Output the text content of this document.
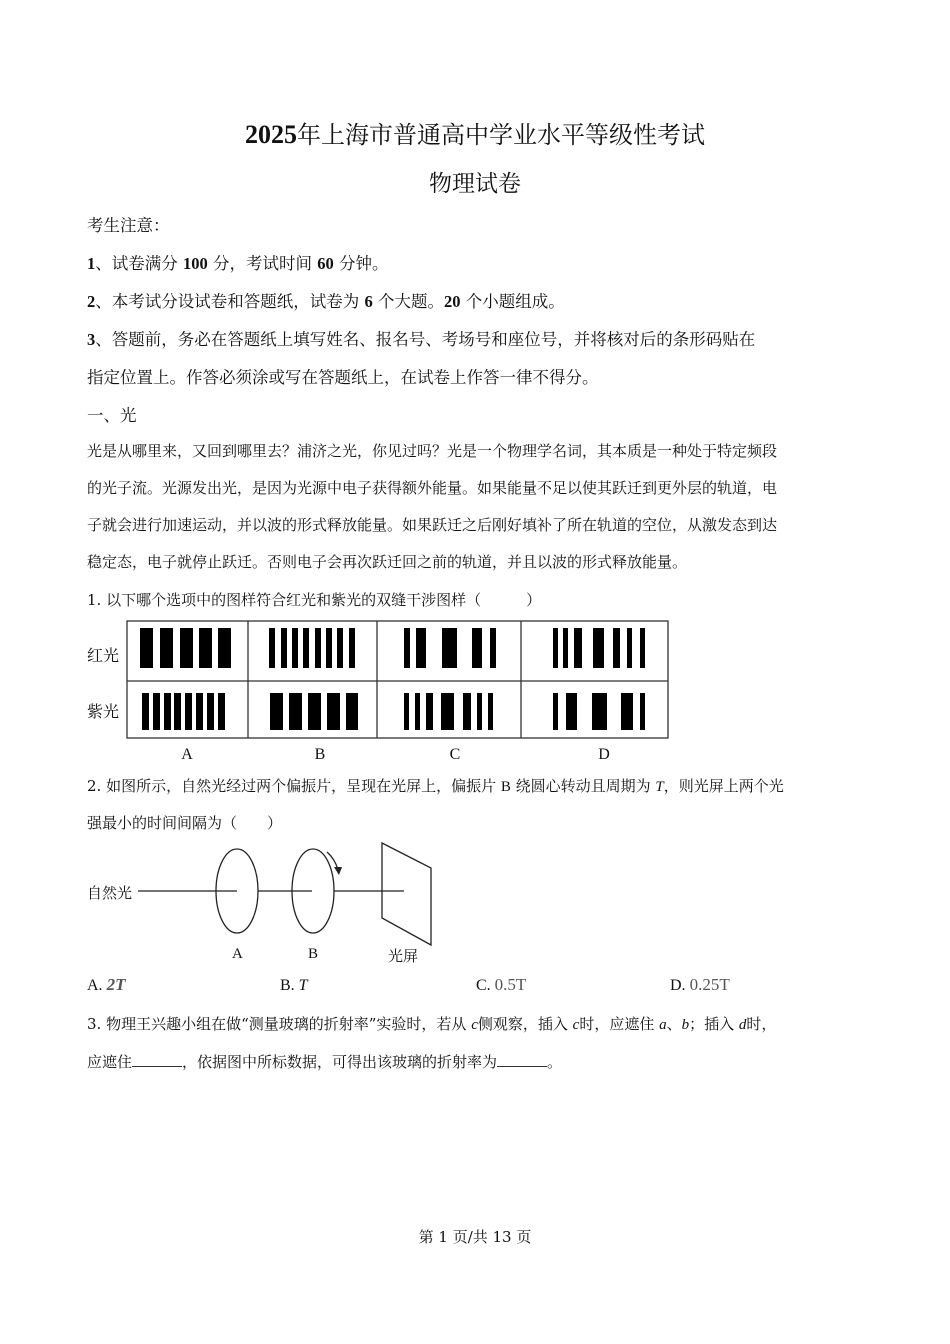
2025年上海市普通高中学业水平等级性考试
物理试卷
考生注意：
1、试卷满分 100 分，考试时间 60 分钟。
2、本考试分设试卷和答题纸，试卷为 6 个大题。20 个小题组成。
3、答题前，务必在答题纸上填写姓名、报名号、考场号和座位号，并将核对后的条形码贴在
指定位置上。作答必须涂或写在答题纸上，在试卷上作答一律不得分。
一、光
光是从哪里来，又回到哪里去？浦济之光，你见过吗？光是一个物理学名词，其本质是一种处于特定频段
的光子流。光源发出光，是因为光源中电子获得额外能量。如果能量不足以使其跃迁到更外层的轨道，电
子就会进行加速运动，并以波的形式释放能量。如果跃迁之后刚好填补了所在轨道的空位，从激发态到达
稳定态，电子就停止跃迁。否则电子会再次跃迁回之前的轨道，并且以波的形式释放能量。
1. 以下哪个选项中的图样符合红光和紫光的双缝干涉图样（　　　）
红光
紫光
A	B	C	D
2. 如图所示，自然光经过两个偏振片，呈现在光屏上，偏振片 B 绕圆心转动且周期为 T，则光屏上两个光
强最小的时间间隔为（　　）
自然光
A	B	光屏
A. 2T	B. T	C. 0.5T	D. 0.25T
3. 物理王兴趣小组在做“测量玻璃的折射率”实验时，若从 c侧观察，插入 c时，应遮住 a、b；插入 d时，
应遮住	，依据图中所标数据，可得出该玻璃的折射率为	。
第 1 页/共 13 页
